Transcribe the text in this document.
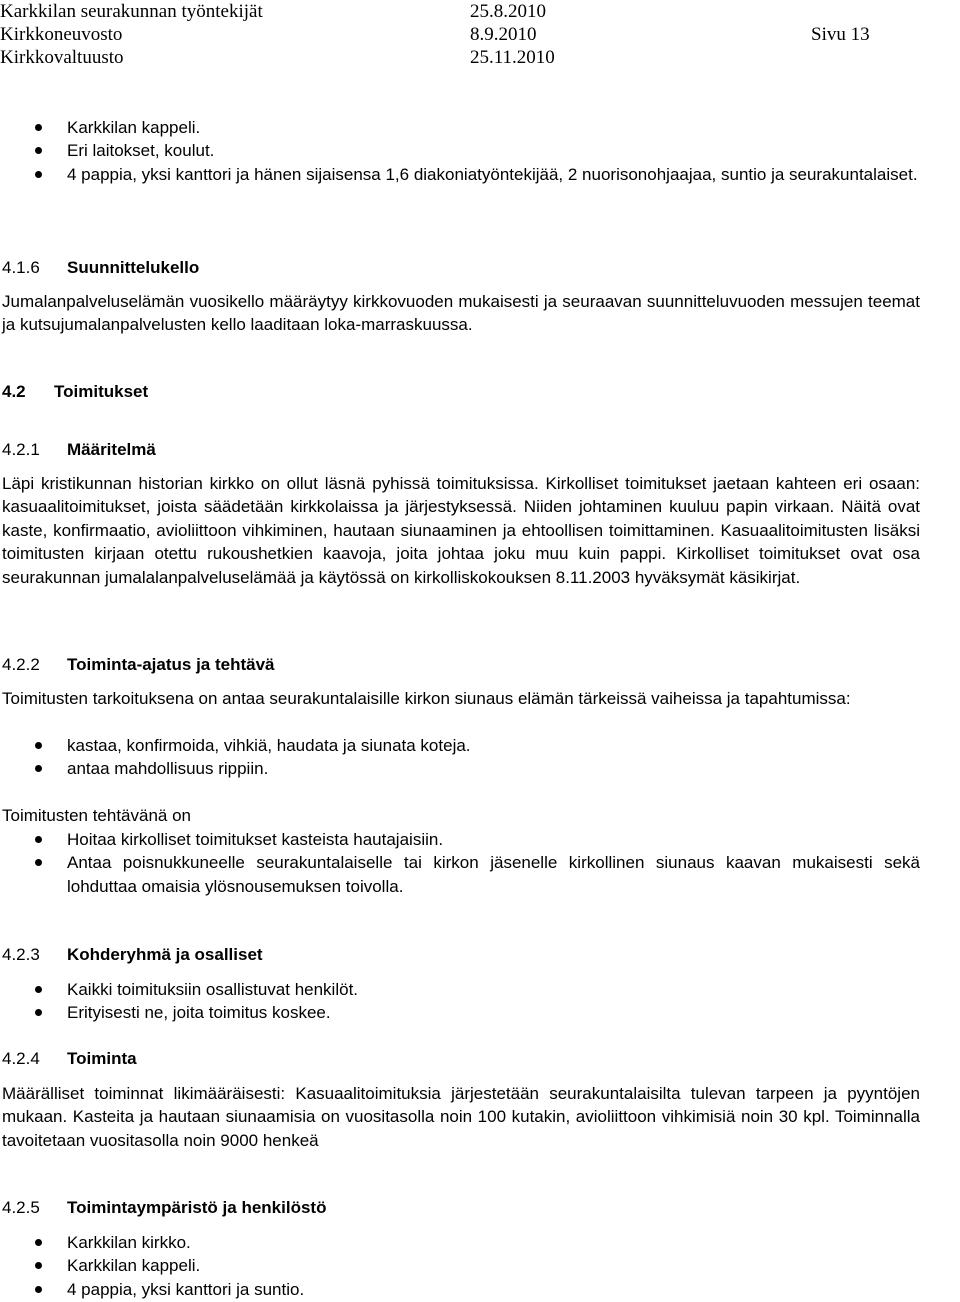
Karkkilan seurakunnan työntekijät	25.8.2010
Kirkkoneuvosto	8.9.2010	Sivu 13
Kirkkovaltuusto	25.11.2010
Karkkilan kappeli.
Eri laitokset, koulut.
4 pappia, yksi kanttori ja hänen sijaisensa 1,6 diakoniatyöntekijää, 2 nuorisonohjaajaa, suntio ja seurakuntalaiset.
4.1.6 Suunnittelukello
Jumalanpalveluselämän vuosikello määräytyy kirkkovuoden mukaisesti ja seuraavan suunnitteluvuoden messujen teemat ja kutsujumalanpalvelusten kello laaditaan loka-marraskuussa.
4.2 Toimitukset
4.2.1 Määritelmä
Läpi kristikunnan historian kirkko on ollut läsnä pyhissä toimituksissa. Kirkolliset toimitukset jaetaan kahteen eri osaan: kasuaalitoimitukset, joista säädetään kirkkolaissa ja järjestyksessä. Niiden johtaminen kuuluu papin virkaan. Näitä ovat kaste, konfirmaatio, avioliittoon vihkiminen, hautaan siunaaminen ja ehtoollisen toimittaminen. Kasuaalitoimitusten lisäksi toimitusten kirjaan otettu rukoushetkien kaavoja, joita johtaa joku muu kuin pappi. Kirkolliset toimitukset ovat osa seurakunnan jumalalanpalveluselämää ja käytössä on kirkolliskokouksen 8.11.2003 hyväksymät käsikirjat.
4.2.2 Toiminta-ajatus ja tehtävä
Toimitusten tarkoituksena on antaa seurakuntalaisille kirkon siunaus elämän tärkeissä vaiheissa ja tapahtumissa:
kastaa, konfirmoida, vihkiä, haudata ja siunata koteja.
antaa mahdollisuus rippiin.
Toimitusten tehtävänä on
Hoitaa kirkolliset toimitukset kasteista hautajaisiin.
Antaa poisnukkuneelle seurakuntalaiselle tai kirkon jäsenelle kirkollinen siunaus kaavan mukaisesti sekä lohduttaa omaisia ylösnousemuksen toivolla.
4.2.3 Kohderyhmä ja osalliset
Kaikki toimituksiin osallistuvat henkilöt.
Erityisesti ne, joita toimitus koskee.
4.2.4 Toiminta
Määrälliset toiminnat likimääräisesti: Kasuaalitoimituksia järjestetään seurakuntalaisilta tulevan tarpeen ja pyyntöjen mukaan. Kasteita ja hautaan siunaamisia on vuositasolla noin 100 kutakin, avioliittoon vihkimisiä noin 30 kpl. Toiminnalla tavoitetaan vuositasolla noin 9000 henkeä
4.2.5 Toimintaympäristö ja henkilöstö
Karkkilan kirkko.
Karkkilan kappeli.
4 pappia, yksi kanttori ja suntio.
